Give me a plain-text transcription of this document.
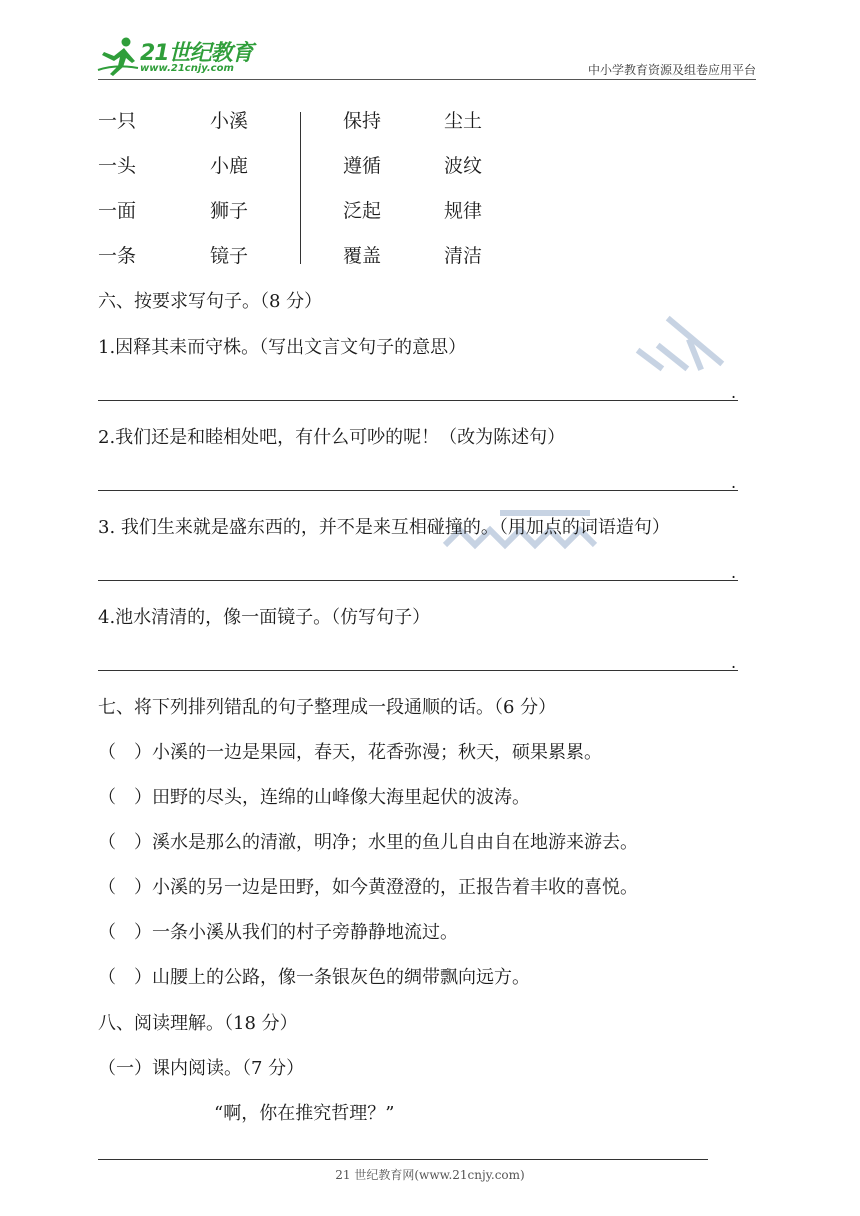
21世纪教育
www.21cnjy.com	中小学教育资源及组卷应用平台
一只
一头
一面
一条
小溪
小鹿
狮子
镜子
保持
遵循
泛起
覆盖
尘土
波纹
规律
清洁
六、按要求写句子。（8 分）
1.因释其耒而守株。（写出文言文句子的意思）
.
2.我们还是和睦相处吧，有什么可吵的呢！（改为陈述句）
.
3. 我们生来就是盛东西的，并不是来互相碰撞的。（用加点的词语造句）
.
4.池水清清的，像一面镜子。（仿写句子）
.
七、将下列排列错乱的句子整理成一段通顺的话。（6 分）
（　）小溪的一边是果园，春天，花香弥漫；秋天，硕果累累。
（　）田野的尽头，连绵的山峰像大海里起伏的波涛。
（　）溪水是那么的清澈，明净；水里的鱼儿自由自在地游来游去。
（　）小溪的另一边是田野，如今黄澄澄的，正报告着丰收的喜悦。
（　）一条小溪从我们的村子旁静静地流过。
（　）山腰上的公路，像一条银灰色的绸带飘向远方。
八、阅读理解。（18 分）
（一）课内阅读。（7 分）
“啊，你在推究哲理？”
21 世纪教育网(www.21cnjy.com)
